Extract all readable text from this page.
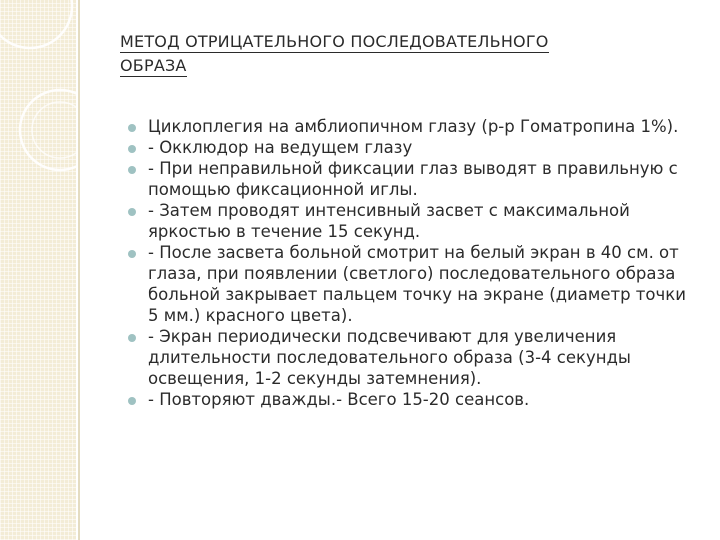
МЕТОД ОТРИЦАТЕЛЬНОГО ПОСЛЕДОВАТЕЛЬНОГО
ОБРАЗА
Циклоплегия на амблиопичном глазу (р-р Гоматропина 1%).
- Окклюдор на ведущем глазу
- При неправильной фиксации глаз выводят в правильную с помощью фиксационной иглы.
- Затем проводят интенсивный засвет с максимальной яркостью в течение 15 секунд.
- После засвета больной смотрит на белый экран в 40 см. от глаза, при появлении (светлого) последовательного образа больной закрывает пальцем точку на экране (диаметр точки 5 мм.) красного цвета).
- Экран периодически подсвечивают для увеличения длительности последовательного образа (3-4 секунды освещения, 1-2 секунды затемнения).
- Повторяют дважды.- Всего 15-20 сеансов.
